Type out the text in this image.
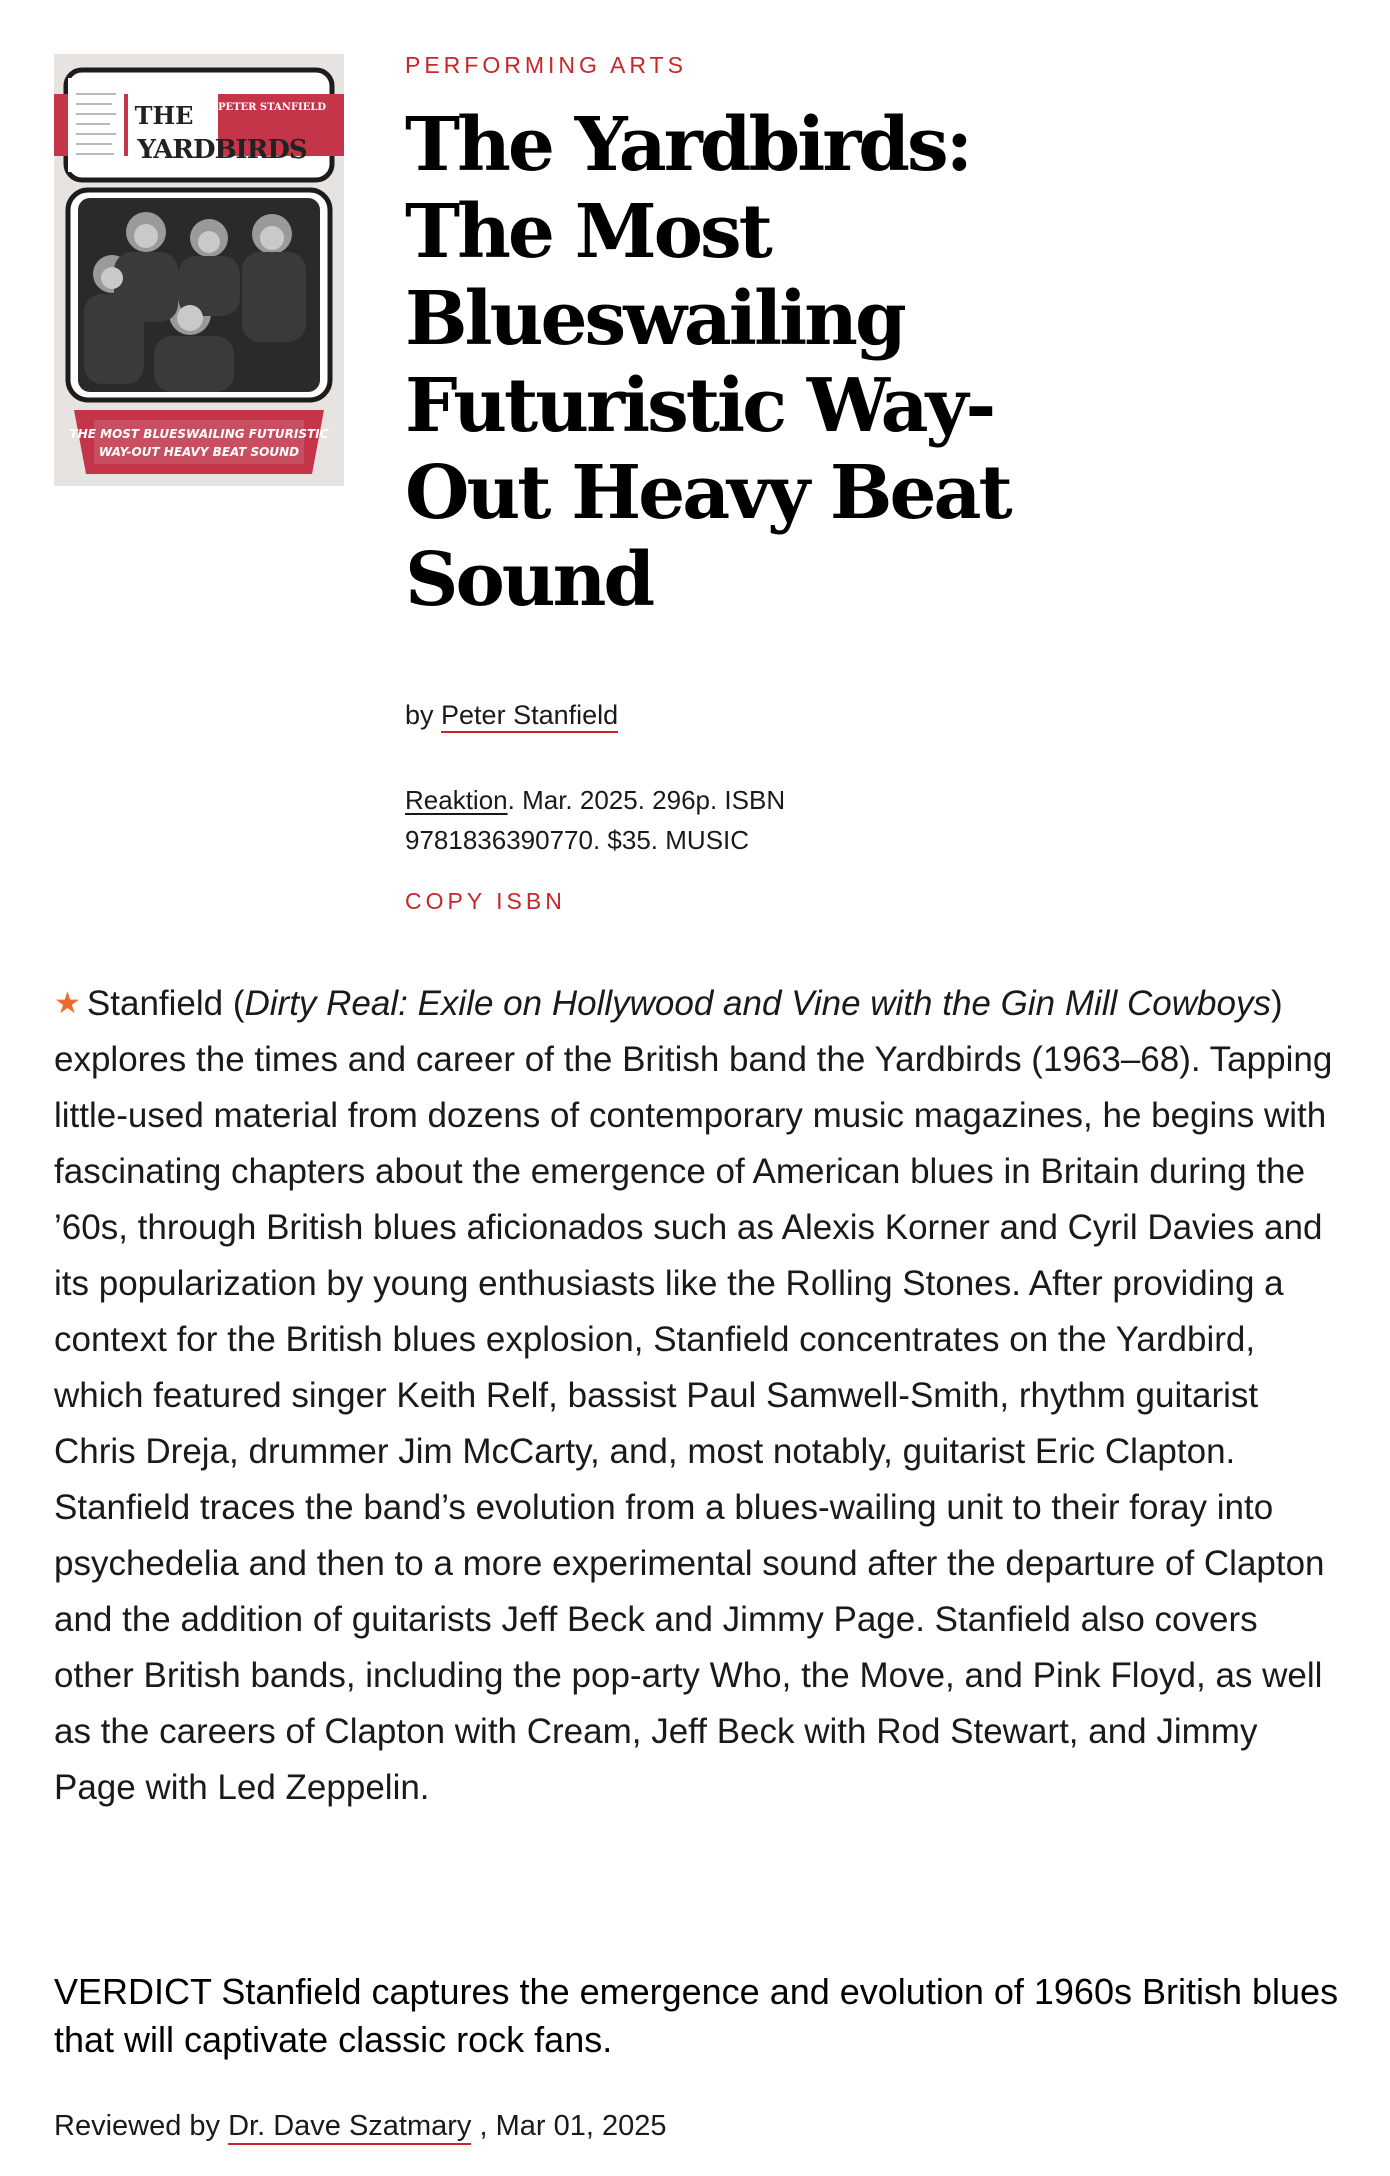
THE
YARDBIRDS
PETER STANFIELD
THE MOST BLUESWAILING FUTURISTIC
WAY-OUT HEAVY BEAT SOUND
PERFORMING ARTS
The Yardbirds:
The Most
Blueswailing
Futuristic Way-
Out Heavy Beat
Sound
by Peter Stanfield
Reaktion. Mar. 2025. 296p. ISBN
9781836390770. $35. MUSIC
COPY ISBN

★ Stanfield (Dirty Real: Exile on Hollywood and Vine with the Gin Mill Cowboys) explores the times and career of the British band the Yardbirds (1963–68). Tapping little-used material from dozens of contemporary music magazines, he begins with fascinating chapters about the emergence of American blues in Britain during the ’60s, through British blues aficionados such as Alexis Korner and Cyril Davies and its popularization by young enthusiasts like the Rolling Stones. After providing a context for the British blues explosion, Stanfield concentrates on the Yardbird, which featured singer Keith Relf, bassist Paul Samwell-Smith, rhythm guitarist Chris Dreja, drummer Jim McCarty, and, most notably, guitarist Eric Clapton. Stanfield traces the band’s evolution from a blues-wailing unit to their foray into psychedelia and then to a more experimental sound after the departure of Clapton and the addition of guitarists Jeff Beck and Jimmy Page. Stanfield also covers other British bands, including the pop-arty Who, the Move, and Pink Floyd, as well as the careers of Clapton with Cream, Jeff Beck with Rod Stewart, and Jimmy Page with Led Zeppelin.

VERDICT Stanfield captures the emergence and evolution of 1960s British blues that will captivate classic rock fans.

Reviewed by Dr. Dave Szatmary , Mar 01, 2025
